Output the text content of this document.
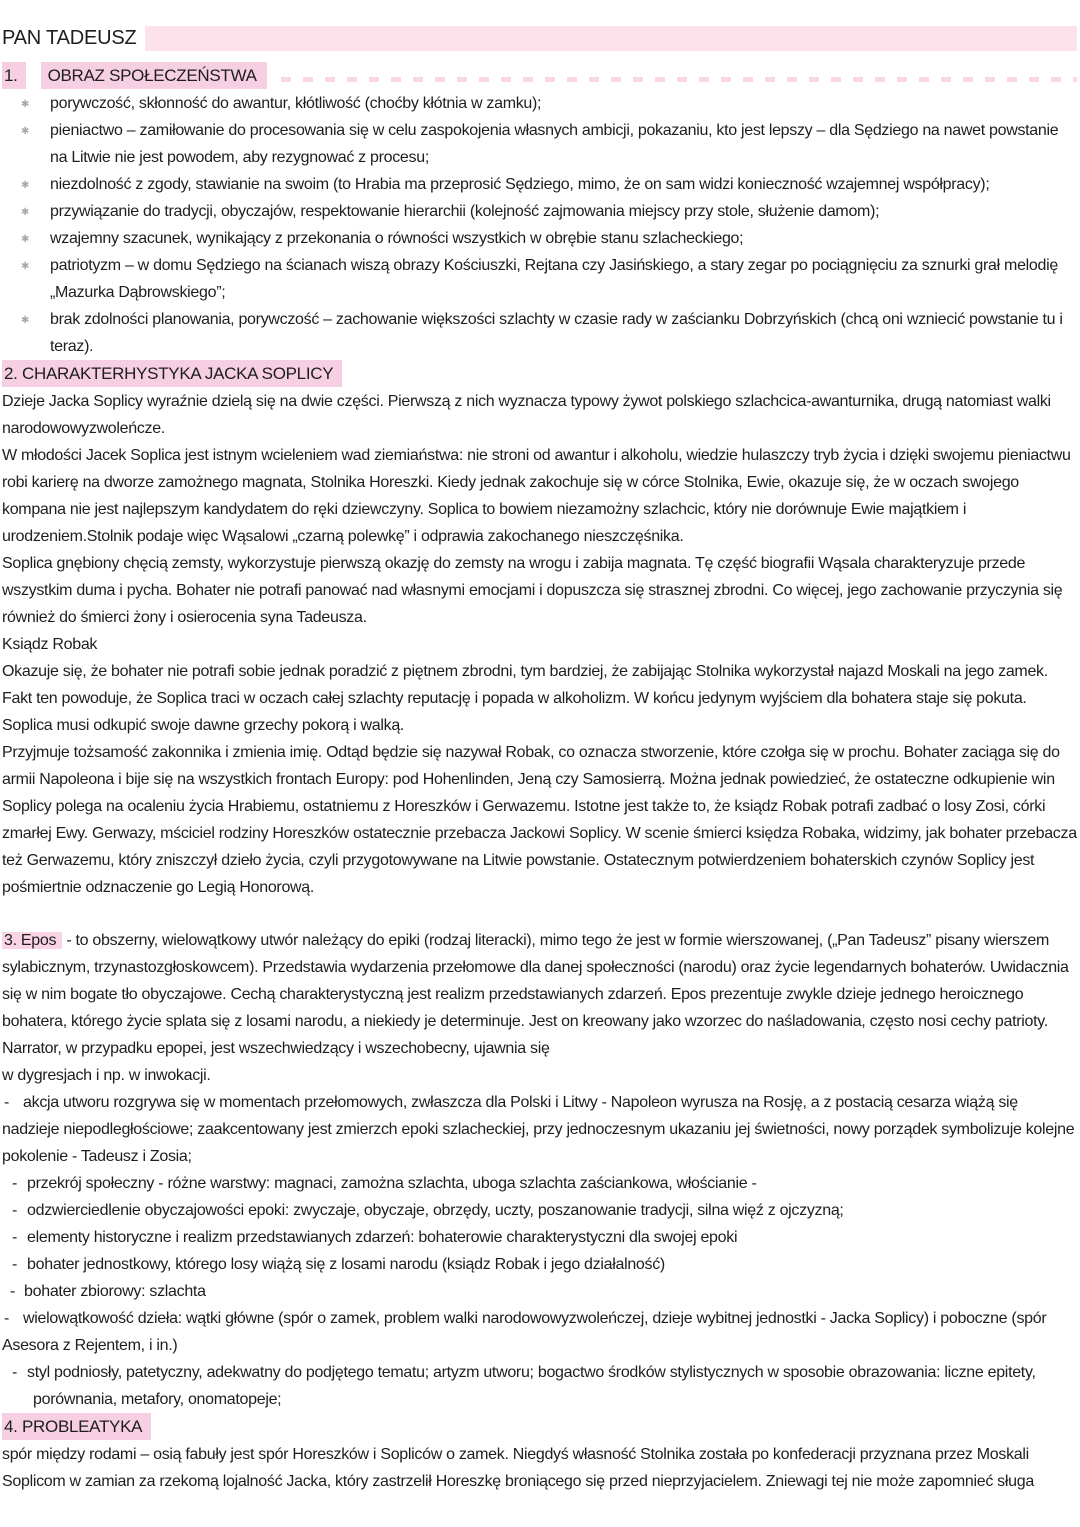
PAN TADEUSZ
1.	OBRAZ SPOŁECZEŃSTWA
✱ porywczość, skłonność do awantur, kłótliwość (choćby kłótnia w zamku);
✱ pieniactwo – zamiłowanie do procesowania się w celu zaspokojenia własnych ambicji, pokazaniu, kto jest lepszy – dla Sędziego na nawet powstanie na Litwie nie jest powodem, aby rezygnować z procesu;
✱ niezdolność z zgody, stawianie na swoim (to Hrabia ma przeprosić Sędziego, mimo, że on sam widzi konieczność wzajemnej współpracy);
✱ przywiązanie do tradycji, obyczajów, respektowanie hierarchii (kolejność zajmowania miejscy przy stole, służenie damom);
✱ wzajemny szacunek, wynikający z przekonania o równości wszystkich w obrębie stanu szlacheckiego;
✱ patriotyzm – w domu Sędziego na ścianach wiszą obrazy Kościuszki, Rejtana czy Jasińskiego, a stary zegar po pociągnięciu za sznurki grał melodię „Mazurka Dąbrowskiego”;
✱ brak zdolności planowania, porywczość – zachowanie większości szlachty w czasie rady w zaścianku Dobrzyńskich (chcą oni wzniecić powstanie tu i teraz).
2. CHARAKTERHYSTYKA JACKA SOPLICY
Dzieje Jacka Soplicy wyraźnie dzielą się na dwie części. Pierwszą z nich wyznacza typowy żywot polskiego szlachcica-awanturnika, drugą natomiast walki narodowowyzwoleńcze.
W młodości Jacek Soplica jest istnym wcieleniem wad ziemiaństwa: nie stroni od awantur i alkoholu, wiedzie hulaszczy tryb życia i dzięki swojemu pieniactwu robi karierę na dworze zamożnego magnata, Stolnika Horeszki. Kiedy jednak zakochuje się w córce Stolnika, Ewie, okazuje się, że w oczach swojego kompana nie jest najlepszym kandydatem do ręki dziewczyny. Soplica to bowiem niezamożny szlachcic, który nie dorównuje Ewie majątkiem i urodzeniem.Stolnik podaje więc Wąsalowi „czarną polewkę” i odprawia zakochanego nieszczęśnika.
Soplica gnębiony chęcią zemsty, wykorzystuje pierwszą okazję do zemsty na wrogu i zabija magnata. Tę część biografii Wąsala charakteryzuje przede wszystkim duma i pycha. Bohater nie potrafi panować nad własnymi emocjami i dopuszcza się strasznej zbrodni. Co więcej, jego zachowanie przyczynia się również do śmierci żony i osierocenia syna Tadeusza.
Ksiądz Robak
Okazuje się, że bohater nie potrafi sobie jednak poradzić z piętnem zbrodni, tym bardziej, że zabijając Stolnika wykorzystał najazd Moskali na jego zamek. Fakt ten powoduje, że Soplica traci w oczach całej szlachty reputację i popada w alkoholizm. W końcu jedynym wyjściem dla bohatera staje się pokuta. Soplica musi odkupić swoje dawne grzechy pokorą i walką.
Przyjmuje tożsamość zakonnika i zmienia imię. Odtąd będzie się nazywał Robak, co oznacza stworzenie, które czołga się w prochu. Bohater zaciąga się do armii Napoleona i bije się na wszystkich frontach Europy: pod Hohenlinden, Jeną czy Samosierrą. Można jednak powiedzieć, że ostateczne odkupienie win Soplicy polega na ocaleniu życia Hrabiemu, ostatniemu z Horeszków i Gerwazemu. Istotne jest także to, że ksiądz Robak potrafi zadbać o losy Zosi, córki zmarłej Ewy. Gerwazy, mściciel rodziny Horeszków ostatecznie przebacza Jackowi Soplicy. W scenie śmierci księdza Robaka, widzimy, jak bohater przebacza też Gerwazemu, który zniszczył dzieło życia, czyli przygotowywane na Litwie powstanie. Ostatecznym potwierdzeniem bohaterskich czynów Soplicy jest pośmiertnie odznaczenie go Legią Honorową.
3. Epos - to obszerny, wielowątkowy utwór należący do epiki (rodzaj literacki), mimo tego że jest w formie wierszowanej, („Pan Tadeusz” pisany wierszem sylabicznym, trzynastozgłoskowcem). Przedstawia wydarzenia przełomowe dla danej społeczności (narodu) oraz życie legendarnych bohaterów. Uwidacznia się w nim bogate tło obyczajowe. Cechą charakterystyczną jest realizm przedstawianych zdarzeń. Epos prezentuje zwykle dzieje jednego heroicznego bohatera, którego życie splata się z losami narodu, a niekiedy je determinuje. Jest on kreowany jako wzorzec do naśladowania, często nosi cechy patrioty. Narrator, w przypadku epopei, jest wszechwiedzący i wszechobecny, ujawnia się
w dygresjach i np. w inwokacji.
- akcja utworu rozgrywa się w momentach przełomowych, zwłaszcza dla Polski i Litwy - Napoleon wyrusza na Rosję, a z postacią cesarza wiążą się nadzieje niepodległościowe; zaakcentowany jest zmierzch epoki szlacheckiej, przy jednoczesnym ukazaniu jej świetności, nowy porządek symbolizuje kolejne pokolenie - Tadeusz i Zosia;
- przekrój społeczny - różne warstwy: magnaci, zamożna szlachta, uboga szlachta zaściankowa, włościanie -
- odzwierciedlenie obyczajowości epoki: zwyczaje, obyczaje, obrzędy, uczty, poszanowanie tradycji, silna więź z ojczyzną;
- elementy historyczne i realizm przedstawianych zdarzeń: bohaterowie charakterystyczni dla swojej epoki
- bohater jednostkowy, którego losy wiążą się z losami narodu (ksiądz Robak i jego działalność)
- bohater zbiorowy: szlachta
- wielowątkowość dzieła: wątki główne (spór o zamek, problem walki narodowowyzwoleńczej, dzieje wybitnej jednostki - Jacka Soplicy) i poboczne (spór Asesora z Rejentem, i in.)
- styl podniosły, patetyczny, adekwatny do podjętego tematu; artyzm utworu; bogactwo środków stylistycznych w sposobie obrazowania: liczne epitety, porównania, metafory, onomatopeje;
4. PROBLEATYKA
spór między rodami – osią fabuły jest spór Horeszków i Sopliców o zamek. Niegdyś własność Stolnika została po konfederacji przyznana przez Moskali Soplicom w zamian za rzekomą lojalność Jacka, który zastrzelił Horeszkę broniącego się przed nieprzyjacielem. Zniewagi tej nie może zapomnieć sługa
